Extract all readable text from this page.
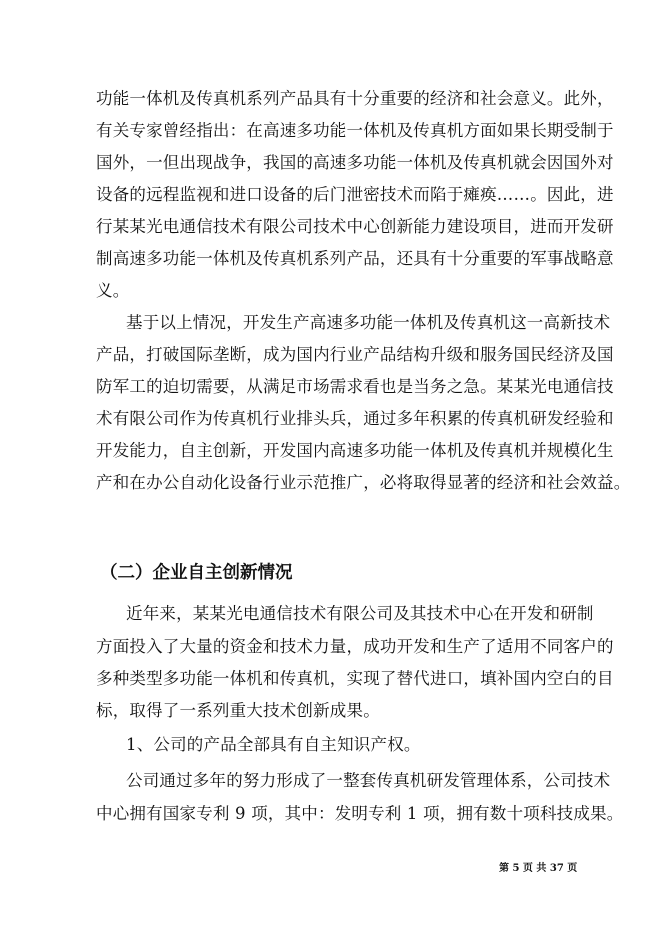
功能一体机及传真机系列产品具有十分重要的经济和社会意义。此外，
有关专家曾经指出：在高速多功能一体机及传真机方面如果长期受制于
国外，一但出现战争，我国的高速多功能一体机及传真机就会因国外对
设备的远程监视和进口设备的后门泄密技术而陷于瘫痪……。因此，进
行某某光电通信技术有限公司技术中心创新能力建设项目，进而开发研
制高速多功能一体机及传真机系列产品，还具有十分重要的军事战略意
义。
基于以上情况，开发生产高速多功能一体机及传真机这一高新技术
产品，打破国际垄断，成为国内行业产品结构升级和服务国民经济及国
防军工的迫切需要，从满足市场需求看也是当务之急。某某光电通信技
术有限公司作为传真机行业排头兵，通过多年积累的传真机研发经验和
开发能力，自主创新，开发国内高速多功能一体机及传真机并规模化生
产和在办公自动化设备行业示范推广，必将取得显著的经济和社会效益。
（二）企业自主创新情况
近年来，某某光电通信技术有限公司及其技术中心在开发和研制
方面投入了大量的资金和技术力量，成功开发和生产了适用不同客户的
多种类型多功能一体机和传真机，实现了替代进口，填补国内空白的目
标，取得了一系列重大技术创新成果。
1、公司的产品全部具有自主知识产权。
公司通过多年的努力形成了一整套传真机研发管理体系，公司技术
中心拥有国家专利 9 项，其中：发明专利 1 项，拥有数十项科技成果。
第 5 页 共 37 页
